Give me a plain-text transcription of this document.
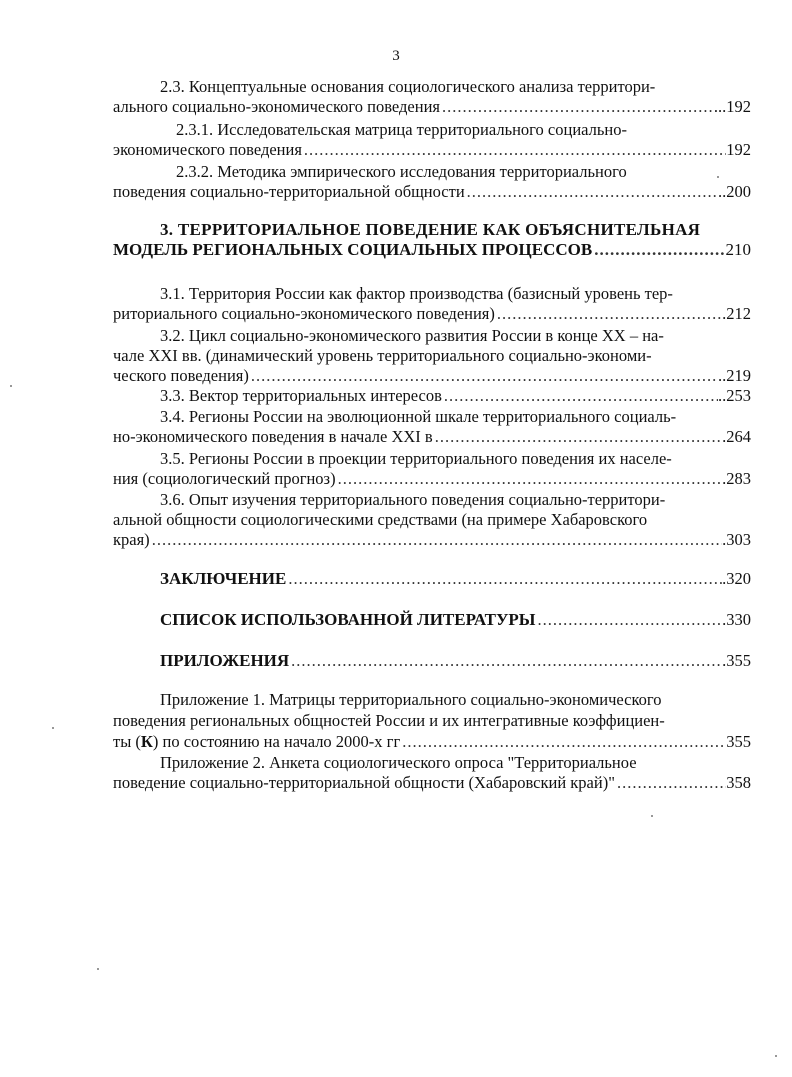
3
2.3. Концептуальные основания социологического анализа территори-
ального социально-экономического поведения .....	...192
2.3.1. Исследовательская матрица территориального социально-
экономического поведения .....	192
2.3.2. Методика эмпирического исследования территориального
поведения социально-территориальной общности .....	..200
3. ТЕРРИТОРИАЛЬНОЕ ПОВЕДЕНИЕ КАК ОБЪЯСНИТЕЛЬНАЯ
МОДЕЛЬ РЕГИОНАЛЬНЫХ СОЦИАЛЬНЫХ ПРОЦЕССОВ .....	210
3.1. Территория России как фактор производства (базисный уровень тер-
риториального социально-экономического поведения) .....	.212
3.2. Цикл социально-экономического развития России в конце XX – на-
чале XXI вв. (динамический уровень территориального социально-экономи-
ческого поведения) .....	..219
3.3. Вектор территориальных интересов .....	..253
3.4. Регионы России на эволюционной шкале территориального социаль-
но-экономического поведения в начале XXI в .....	.264
3.5. Регионы России в проекции территориального поведения их населе-
ния (социологический прогноз) .....	.283
3.6. Опыт изучения территориального поведения социально-территори-
альной общности социологическими средствами (на примере Хабаровского
края) .....	.303
ЗАКЛЮЧЕНИЕ .....	.320
СПИСОК ИСПОЛЬЗОВАННОЙ ЛИТЕРАТУРЫ .....	.330
ПРИЛОЖЕНИЯ .....	.355
Приложение 1. Матрицы территориального социально-экономического
поведения региональных общностей России и их интегративные коэффициен-
ты (К) по состоянию на начало 2000-х гг .....	355
Приложение 2. Анкета социологического опроса "Территориальное
поведение социально-территориальной общности (Хабаровский край)" .....	358
